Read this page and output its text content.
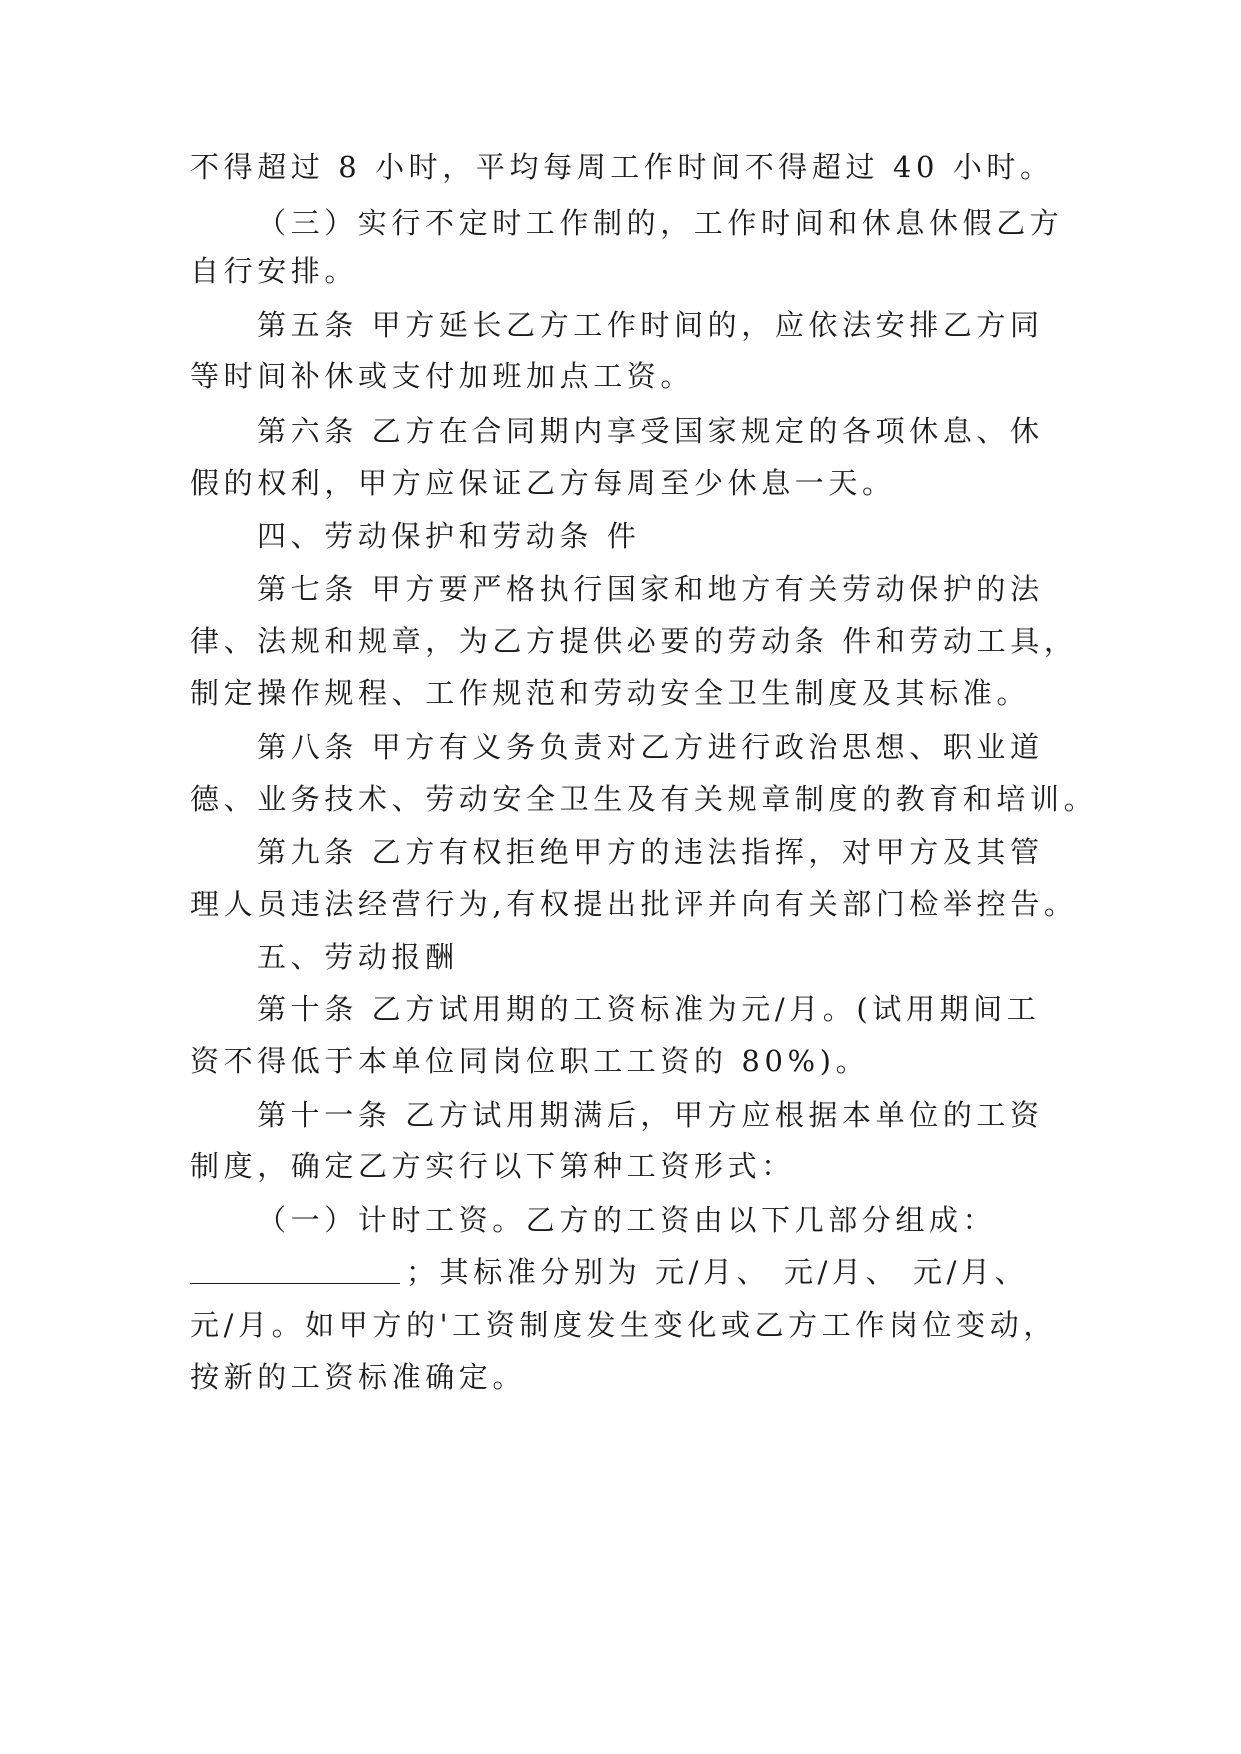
不得超过 8 小时，平均每周工作时间不得超过 40 小时。
（三）实行不定时工作制的，工作时间和休息休假乙方
自行安排。
第五条 甲方延长乙方工作时间的，应依法安排乙方同
等时间补休或支付加班加点工资。
第六条 乙方在合同期内享受国家规定的各项休息、休
假的权利，甲方应保证乙方每周至少休息一天。
四、劳动保护和劳动条 件
第七条 甲方要严格执行国家和地方有关劳动保护的法
律、法规和规章，为乙方提供必要的劳动条 件和劳动工具，
制定操作规程、工作规范和劳动安全卫生制度及其标准。
第八条 甲方有义务负责对乙方进行政治思想、职业道
德、业务技术、劳动安全卫生及有关规章制度的教育和培训。
第九条 乙方有权拒绝甲方的违法指挥，对甲方及其管
理人员违法经营行为,有权提出批评并向有关部门检举控告。
五、劳动报酬
第十条 乙方试用期的工资标准为元/月。(试用期间工
资不得低于本单位同岗位职工工资的 80%)。
第十一条 乙方试用期满后，甲方应根据本单位的工资
制度，确定乙方实行以下第种工资形式：
（一）计时工资。乙方的工资由以下几部分组成：
；其标准分别为 元/月、 元/月、 元/月、
元/月。如甲方的'工资制度发生变化或乙方工作岗位变动，
按新的工资标准确定。
